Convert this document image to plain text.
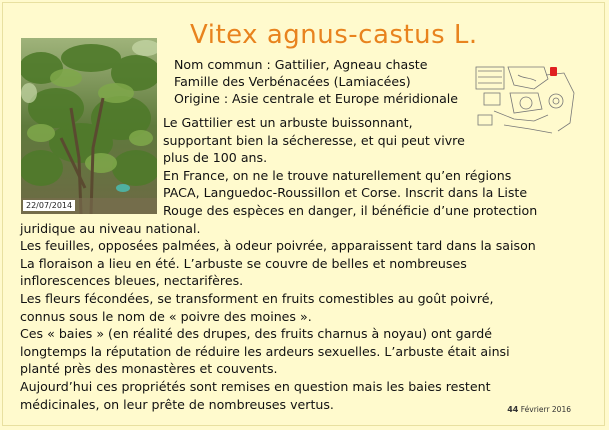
Vitex agnus-castus L.
22/07/2014
Nom commun : Gattilier, Agneau chaste
Famille des Verbénacées (Lamiacées)
Origine : Asie centrale et Europe méridionale

Le Gattilier est un arbuste buissonnant,

supportant bien la sécheresse, et qui peut vivre

plus de 100 ans.

En France, on ne le trouve naturellement qu’en régions

PACA, Languedoc-Roussillon et Corse. Inscrit dans la Liste

Rouge des espèces en danger, il bénéficie d’une protection

juridique au niveau national.

Les feuilles, opposées palmées, à odeur poivrée, apparaissent tard dans la saison

La floraison a lieu en été. L’arbuste se couvre de belles et nombreuses

inflorescences bleues, nectarifères.

Les fleurs fécondées, se transforment en fruits comestibles au goût poivré,

connus sous le nom de « poivre des moines ».

Ces « baies » (en réalité des drupes, des fruits charnus à noyau) ont gardé

longtemps la réputation de réduire les ardeurs sexuelles. L’arbuste était ainsi

planté près des monastères et couvents.

Aujourd’hui ces propriétés sont remises en question mais les baies restent

médicinales, on leur prête de nombreuses vertus.	44 Févrierr 2016
